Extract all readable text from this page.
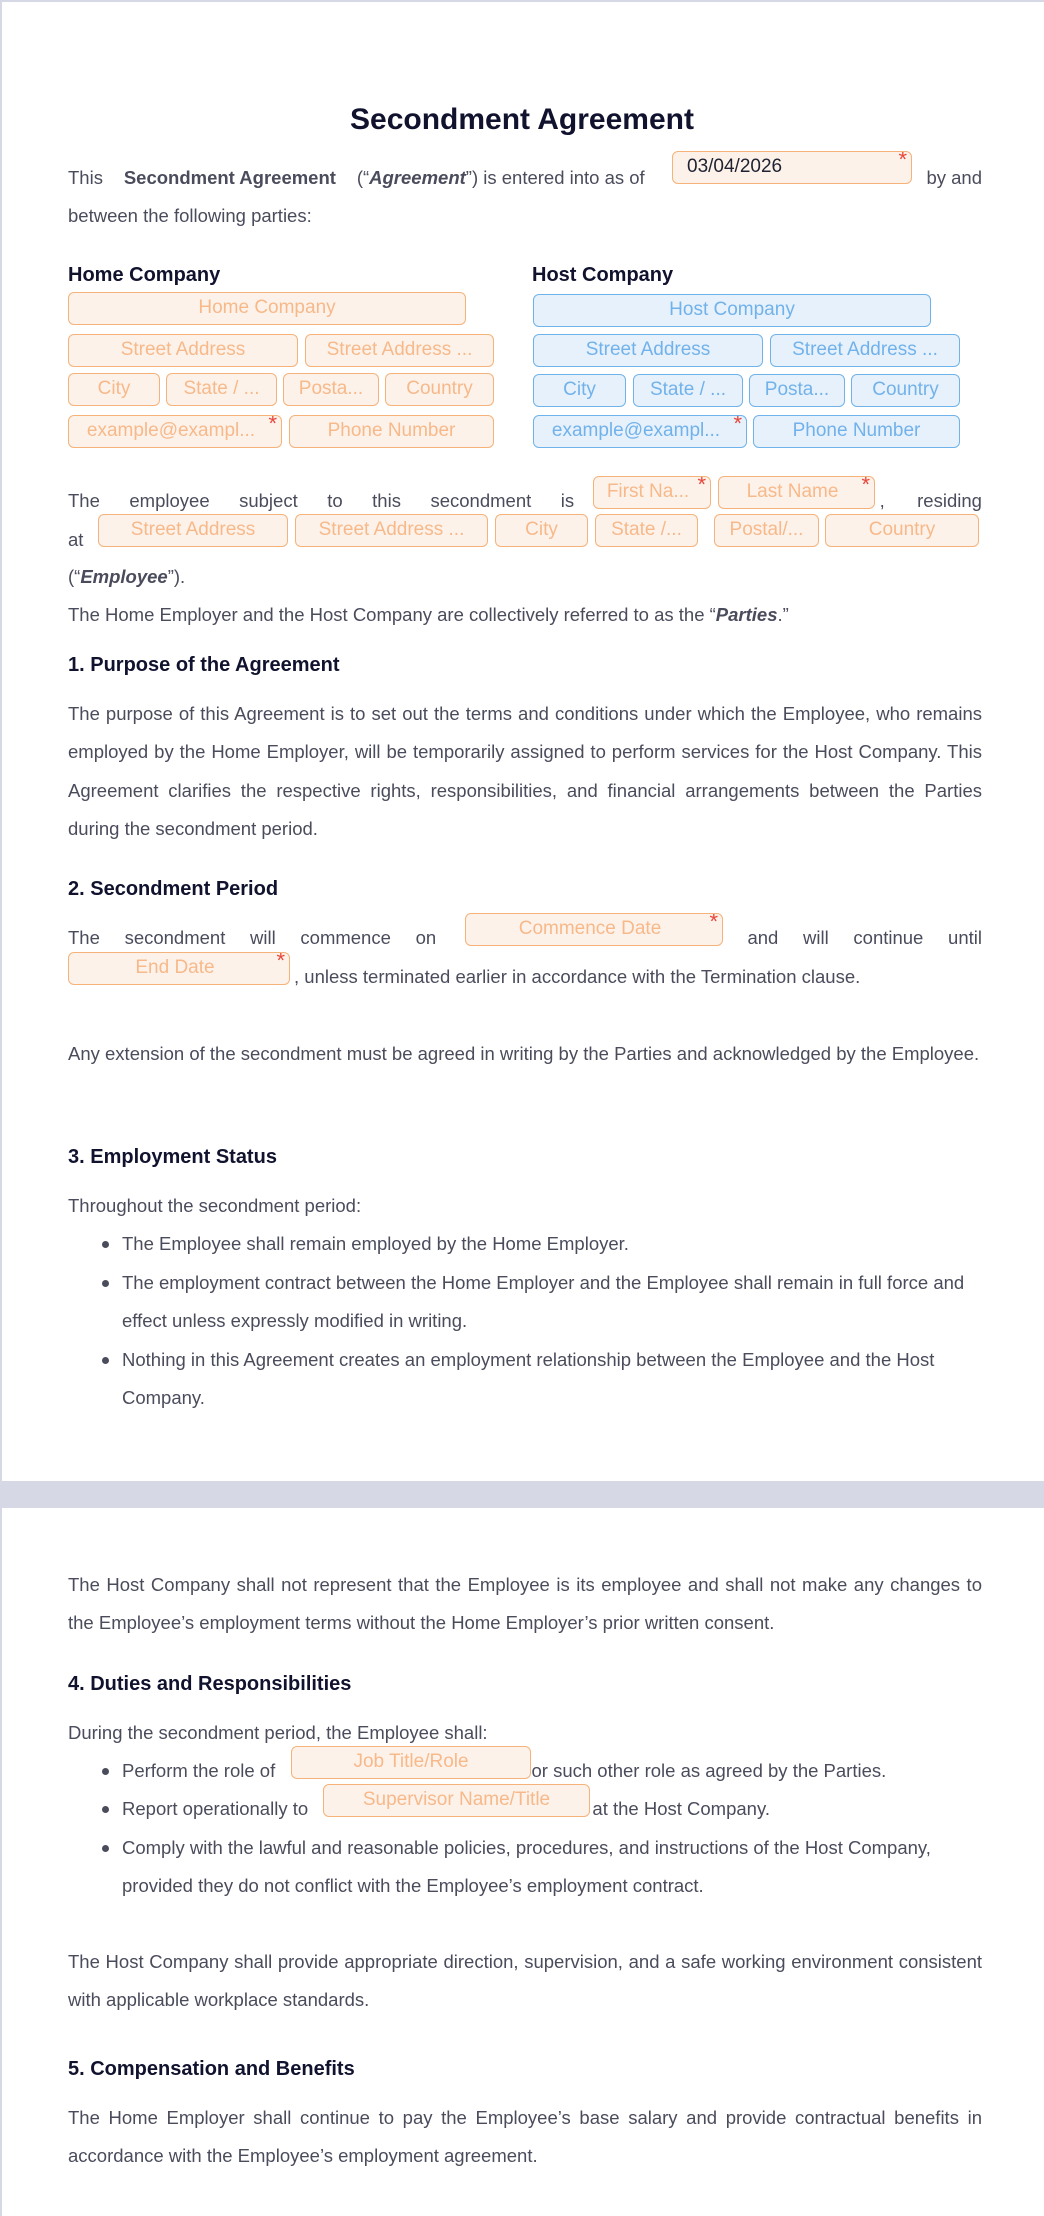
Secondment Agreement
This Secondment Agreement (“Agreement”) is entered into as of	by and
03/04/2026	*
between the following parties:
Home Company	Host Company
Home Company
Street Address	Street Address ...
City	State / ...	Posta...	Country
example@exampl... *	Phone Number
Host Company
Street Address	Street Address ...
City	State / ...	Posta...	Country
example@exampl... *	Phone Number
The employee subject to this secondment is	, residing
First Na... *	Last Name *
at	Street Address	Street Address ...	City	State /...	Postal/...	Country
(“Employee”).
The Home Employer and the Host Company are collectively referred to as the “Parties.”
1. Purpose of the Agreement
The purpose of this Agreement is to set out the terms and conditions under which the Employee, who remains employed by the Home Employer, will be temporarily assigned to perform services for the Host Company. This Agreement clarifies the respective rights, responsibilities, and financial arrangements between the Parties during the secondment period.
2. Secondment Period
The secondment will commence on	and will continue until
Commence Date *
End Date	*
, unless terminated earlier in accordance with the Termination clause.
Any extension of the secondment must be agreed in writing by the Parties and acknowledged by the Employee.
3. Employment Status
Throughout the secondment period:
The Employee shall remain employed by the Home Employer.
The employment contract between the Home Employer and the Employee shall remain in full force and effect unless expressly modified in writing.
Nothing in this Agreement creates an employment relationship between the Employee and the Host Company.
The Host Company shall not represent that the Employee is its employee and shall not make any changes to the Employee’s employment terms without the Home Employer’s prior written consent.
4. Duties and Responsibilities
During the secondment period, the Employee shall:
Perform the role of	or such other role as agreed by the Parties.
Report operationally to	at the Host Company.
Comply with the lawful and reasonable policies, procedures, and instructions of the Host Company, provided they do not conflict with the Employee’s employment contract.
Job Title/Role
Supervisor Name/Title
The Host Company shall provide appropriate direction, supervision, and a safe working environment consistent with applicable workplace standards.
5. Compensation and Benefits
The Home Employer shall continue to pay the Employee’s base salary and provide contractual benefits in accordance with the Employee’s employment agreement.
